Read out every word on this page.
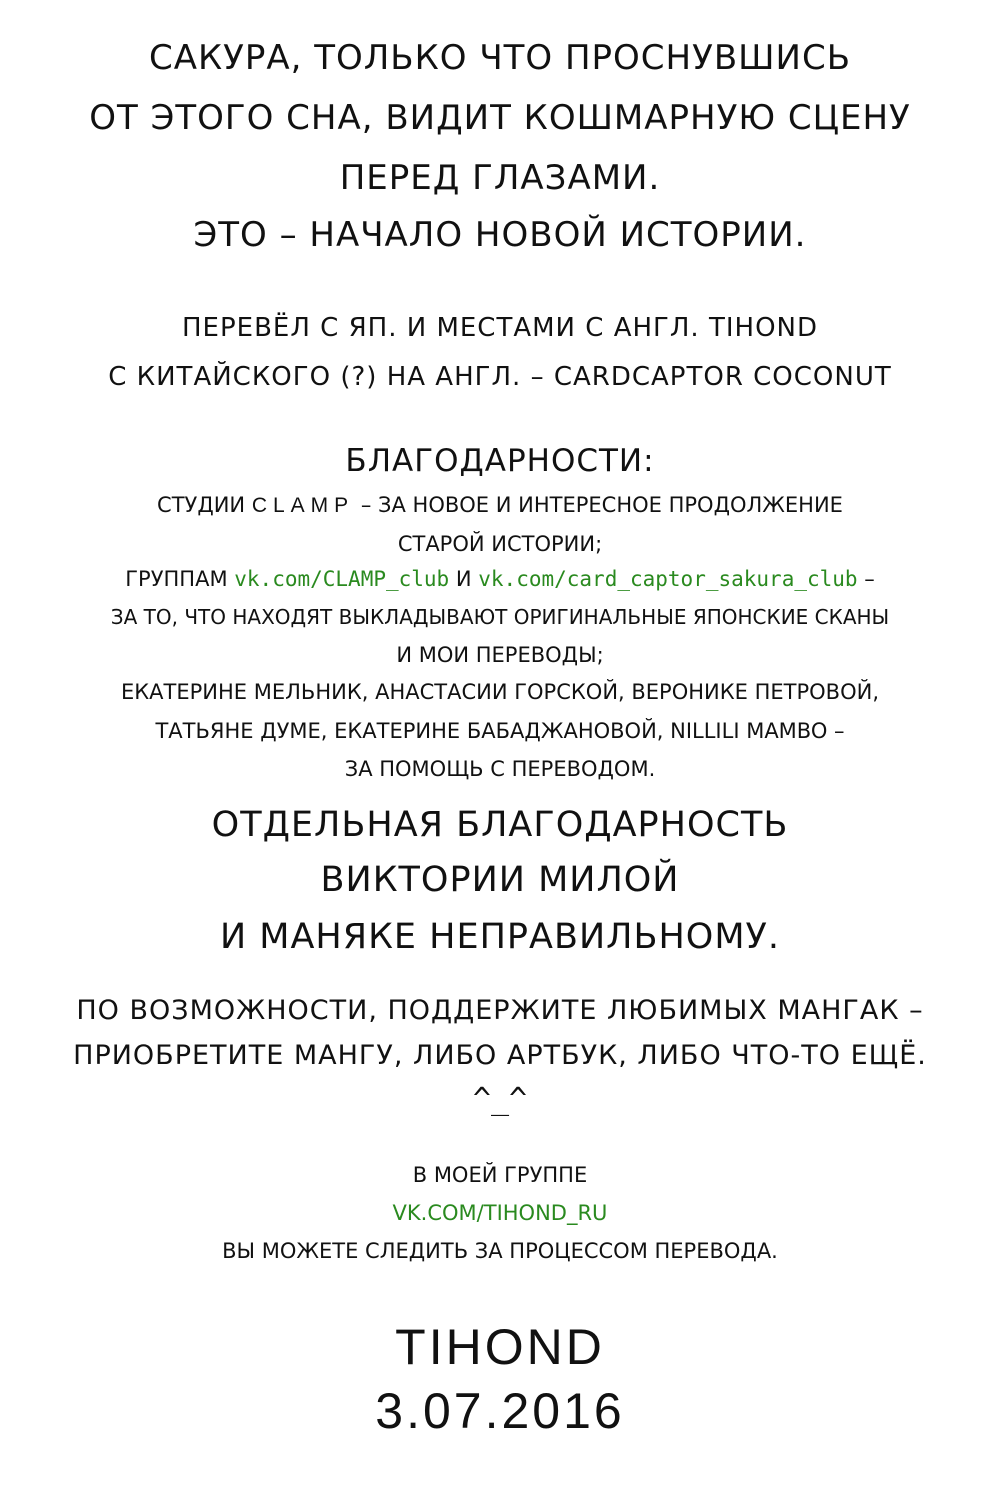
САКУРА, ТОЛЬКО ЧТО ПРОСНУВШИСЬ
ОТ ЭТОГО СНА, ВИДИТ КОШМАРНУЮ СЦЕНУ
ПЕРЕД ГЛАЗАМИ.
ЭТО – НАЧАЛО НОВОЙ ИСТОРИИ.
ПЕРЕВЁЛ С ЯП. И МЕСТАМИ С АНГЛ. TIHOND
С КИТАЙСКОГО (?) НА АНГЛ. – CARDCAPTOR COCONUT
БЛАГОДАРНОСТИ:
СТУДИИ CLAMP – ЗА НОВОЕ И ИНТЕРЕСНОЕ ПРОДОЛЖЕНИЕ
СТАРОЙ ИСТОРИИ;
ГРУППАМ vk.com/CLAMP_club И vk.com/card_captor_sakura_club –
ЗА ТО, ЧТО НАХОДЯТ ВЫКЛАДЫВАЮТ ОРИГИНАЛЬНЫЕ ЯПОНСКИЕ СКАНЫ
И МОИ ПЕРЕВОДЫ;
ЕКАТЕРИНЕ МЕЛЬНИК, АНАСТАСИИ ГОРСКОЙ, ВЕРОНИКЕ ПЕТРОВОЙ,
ТАТЬЯНЕ ДУМЕ, ЕКАТЕРИНЕ БАБАДЖАНОВОЙ, NILLILI MAMBO –
ЗА ПОМОЩЬ С ПЕРЕВОДОМ.
ОТДЕЛЬНАЯ БЛАГОДАРНОСТЬ
ВИКТОРИИ МИЛОЙ
И МАНЯКЕ НЕПРАВИЛЬНОМУ.
ПО ВОЗМОЖНОСТИ, ПОДДЕРЖИТЕ ЛЮБИМЫХ МАНГАК –
ПРИОБРЕТИТЕ МАНГУ, ЛИБО АРТБУК, ЛИБО ЧТО-ТО ЕЩЁ.
^_^
В МОЕЙ ГРУППЕ
VK.COM/TIHOND_RU
ВЫ МОЖЕТЕ СЛЕДИТЬ ЗА ПРОЦЕССОМ ПЕРЕВОДА.
TIHOND
3.07.2016
